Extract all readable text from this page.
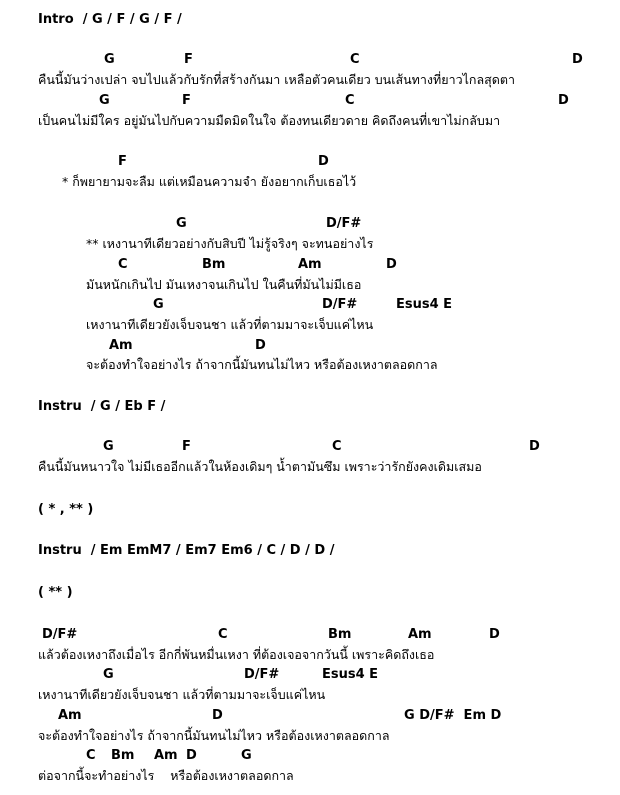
Intro  / G / F / G / F /
G	F	C	D
คืนนี้มันว่างเปล่า จบไปแล้วกับรักที่สร้างกันมา เหลือตัวคนเดียว บนเส้นทางที่ยาวไกลสุดตา
G	F	C	D
เป็นคนไม่มีใคร อยู่มันไปกับความมืดมิดในใจ ต้องทนเดียวดาย คิดถึงคนที่เขาไม่กลับมา
F	D
* ก็พยายามจะลืม แต่เหมือนความจำ ยังอยากเก็บเธอไว้
G	D/F#
** เหงานาทีเดียวอย่างกับสิบปี ไม่รู้จริงๆ จะทนอย่างไร
C	Bm	Am	D
มันหนักเกินไป มันเหงาจนเกินไป ในคืนที่มันไม่มีเธอ
G	D/F#	Esus4 E
เหงานาทีเดียวยังเจ็บจนชา แล้วที่ตามมาจะเจ็บแค่ไหน
Am	D
จะต้องทำใจอย่างไร ถ้าจากนี้มันทนไม่ไหว หรือต้องเหงาตลอดกาล
Instru  / G / Eb F /
G	F	C	D
คืนนี้มันหนาวใจ ไม่มีเธออีกแล้วในห้องเดิมๆ น้ำตามันซึม เพราะว่ารักยังคงเดิมเสมอ
( * , ** )
Instru  / Em EmM7 / Em7 Em6 / C / D / D /
( ** )
D/F#	C	Bm	Am	D
แล้วต้องเหงาถึงเมื่อไร อีกกี่พันหมื่นเหงา ที่ต้องเจอจากวันนี้ เพราะคิดถึงเธอ
G	D/F#	Esus4 E
เหงานาทีเดียวยังเจ็บจนชา แล้วที่ตามมาจะเจ็บแค่ไหน
Am	D	G D/F#  Em D
จะต้องทำใจอย่างไร ถ้าจากนี้มันทนไม่ไหว หรือต้องเหงาตลอดกาล
C Bm Am D	G
ต่อจากนี้จะทำอย่างไร    หรือต้องเหงาตลอดกาล
